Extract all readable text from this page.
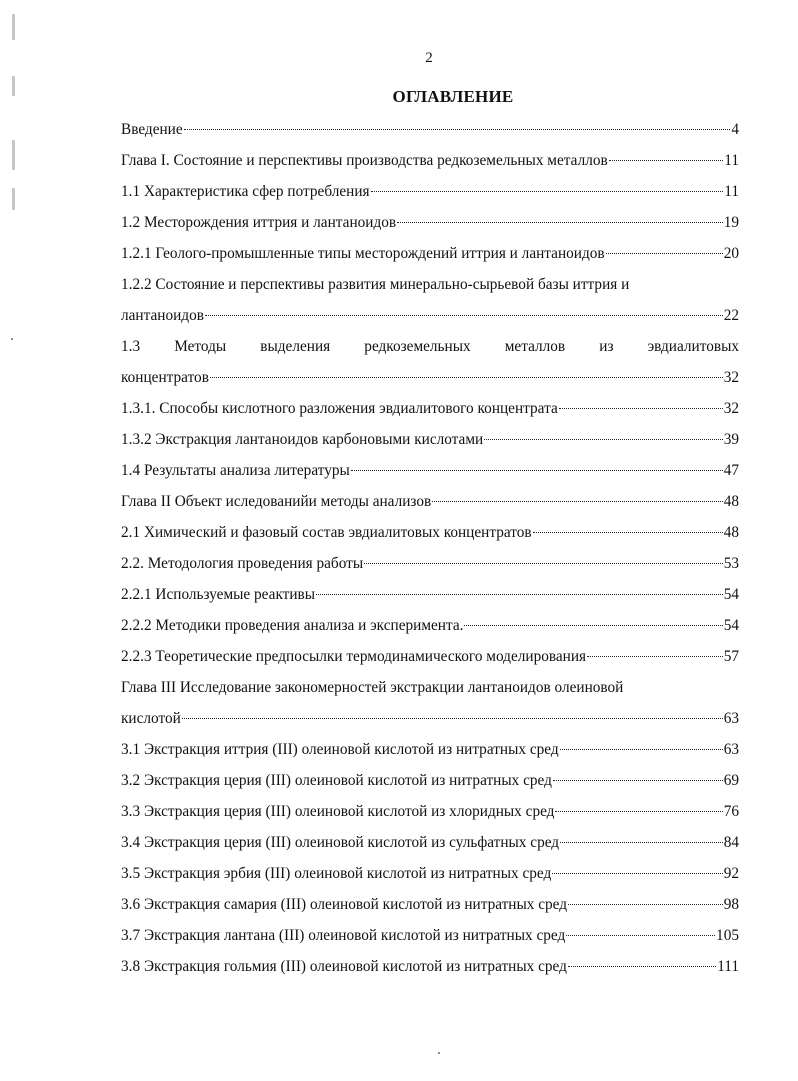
2
ОГЛАВЛЕНИЕ
Введение	4
Глава I. Состояние и перспективы производства редкоземельных металлов	11
1.1 Характеристика сфер потребления	11
1.2 Месторождения иттрия и лантаноидов	19
1.2.1 Геолого-промышленные типы месторождений иттрия и лантаноидов	20
1.2.2 Состояние и перспективы развития минерально-сырьевой базы иттрия и
лантаноидов	22
1.3 Методы выделения редкоземельных металлов из эвдиалитовых
концентратов	32
1.3.1. Способы кислотного разложения эвдиалитового концентрата	32
1.3.2 Экстракция лантаноидов карбоновыми кислотами	39
1.4 Результаты анализа литературы	47
Глава II Объект иследованийи методы анализов	48
2.1 Химический и фазовый состав эвдиалитовых концентратов	48
2.2. Методология проведения работы	53
2.2.1 Используемые реактивы	54
2.2.2 Методики проведения анализа и эксперимента.	54
2.2.3 Теоретические предпосылки термодинамического моделирования	57
Глава III Исследование закономерностей экстракции лантаноидов олеиновой
кислотой	63
3.1 Экстракция иттрия (III) олеиновой кислотой из нитратных сред	63
3.2 Экстракция церия (III) олеиновой кислотой из нитратных сред	69
3.3 Экстракция церия (III) олеиновой кислотой из хлоридных сред	76
3.4 Экстракция церия (III) олеиновой кислотой из сульфатных сред	84
3.5 Экстракция эрбия (III) олеиновой кислотой из нитратных сред	92
3.6 Экстракция самария (III) олеиновой кислотой из нитратных сред	98
3.7 Экстракция лантана (III) олеиновой кислотой из нитратных сред	105
3.8 Экстракция гольмия (III) олеиновой кислотой из нитратных сред	111
